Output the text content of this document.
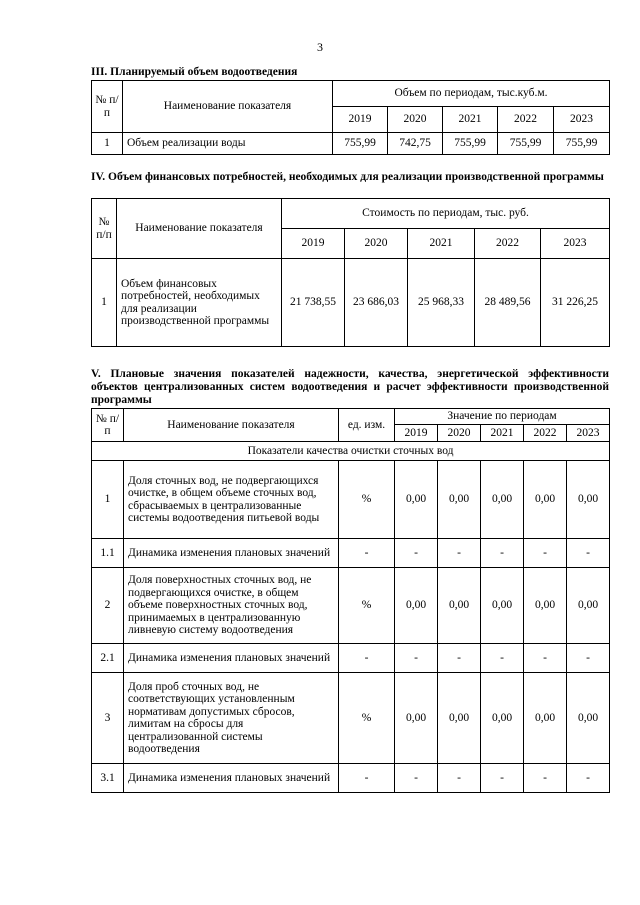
3
III. Планируемый объем водоотведения
№ п/п	Наименование показателя	Объем по периодам, тыс.куб.м.				
		2019	2020	2021	2022	2023
1	Объем реализации воды	755,99	742,75	755,99	755,99	755,99
IV. Объем финансовых потребностей, необходимых для реализации производственной программы
№ п/п	Наименование показателя	Стоимость по периодам, тыс. руб.				
		2019	2020	2021	2022	2023
1	Объем финансовых потребностей, необходимых для реализации производственной программы	21 738,55	23 686,03	25 968,33	28 489,56	31 226,25
V. Плановые значения показателей надежности, качества, энергетической эффективности объектов централизованных систем водоотведения и расчет эффективности производственной программы
№ п/п	Наименование показателя	ед. изм.	Значение по периодам				
			2019	2020	2021	2022	2023
Показатели качества очистки сточных вод							
1	Доля сточных вод, не подвергающихся очистке, в общем объеме сточных вод, сбрасываемых в централизованные системы водоотведения питьевой воды	%	0,00	0,00	0,00	0,00	0,00
1.1	Динамика изменения плановых значений	-	-	-	-	-	-
2	Доля поверхностных сточных вод, не подвергающихся очистке, в общем объеме поверхностных сточных вод, принимаемых в централизованную ливневую систему водоотведения	%	0,00	0,00	0,00	0,00	0,00
2.1	Динамика изменения плановых значений	-	-	-	-	-	-
3	Доля проб сточных вод, не соответствующих установленным нормативам допустимых сбросов, лимитам на сбросы для централизованной системы водоотведения	%	0,00	0,00	0,00	0,00	0,00
3.1	Динамика изменения плановых значений	-	-	-	-	-	-
